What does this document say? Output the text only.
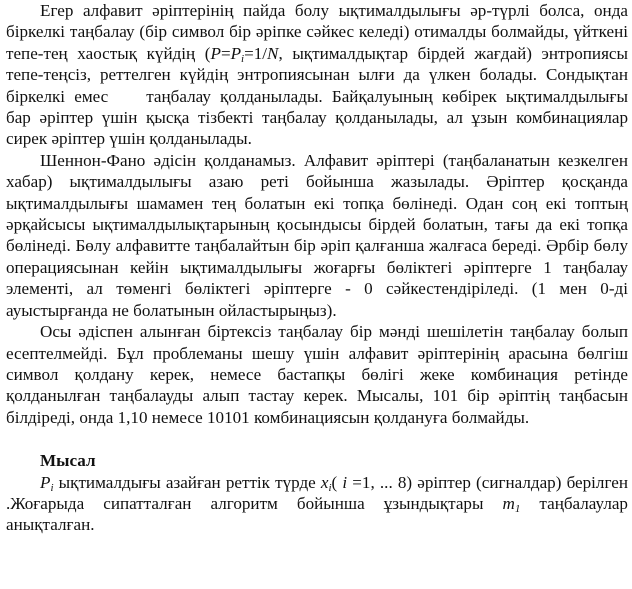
Егер алфавит әріптерінің пайда болу ықтималдылығы әр-түрлі болса, онда біркелкі таңбалау (бір символ бір әріпке сәйкес келеді) отималды болмайды, үйткені тепе-тең хаостық күйдің ($P=P_i=1/N$, ықтималдықтар бірдей жағдай) энтропиясы тепе-теңсіз, реттелген күйдің энтропиясынан ылғи да үлкен болады. Сондықтан біркелкі емес таңбалау қолданылады. Байқалуының көбірек ықтималдылығы бар әріптер үшін қысқа тізбекті таңбалау қолданылады, ал ұзын комбинациялар сирек әріптер үшін қолданылады.

Шеннон-Фано әдісін қолданамыз. Алфавит әріптері (таңбаланатын кезкелген хабар) ықтималдылығы азаю реті бойынша жазылады. Әріптер қосқанда ықтималдылығы шамамен тең болатын екі топқа бөлінеді. Одан соң екі топтың әрқайсысы ықтималдылықтарының қосындысы бірдей болатын, тағы да екі топқа бөлінеді. Бөлу алфавитте таңбалайтын бір әріп қалғанша жалғаса береді. Әрбір бөлу операциясынан кейін ықтималдылығы жоғарғы бөліктегі әріптерге 1 таңбалау элементі, ал төменгі бөліктегі әріптерге - 0 сәйкестендіріледі. (1 мен 0-ді ауыстырғанда не болатынын ойластырыңыз).

Осы әдіспен алынған біртексіз таңбалау бір мәнді шешілетін таңбалау болып есептелмейді. Бұл проблеманы шешу үшін алфавит әріптерінің арасына бөлгіш символ қолдану керек, немесе бастапқы бөлігі жеке комбинация ретінде қолданылған таңбалауды алып тастау керек. Мысалы, 101 бір әріптің таңбасын білдіреді, онда 1,10 немесе 10101 комбинациясын қолдануға болмайды.

Мысал

$P_i$ ықтималдығы азайған реттік түрде $x_i$( i =1, ... 8) әріптер (сигналдар) берілген .Жоғарыда сипатталған алгоритм бойынша ұзындықтары $m_1$ таңбалаулар анықталған.
